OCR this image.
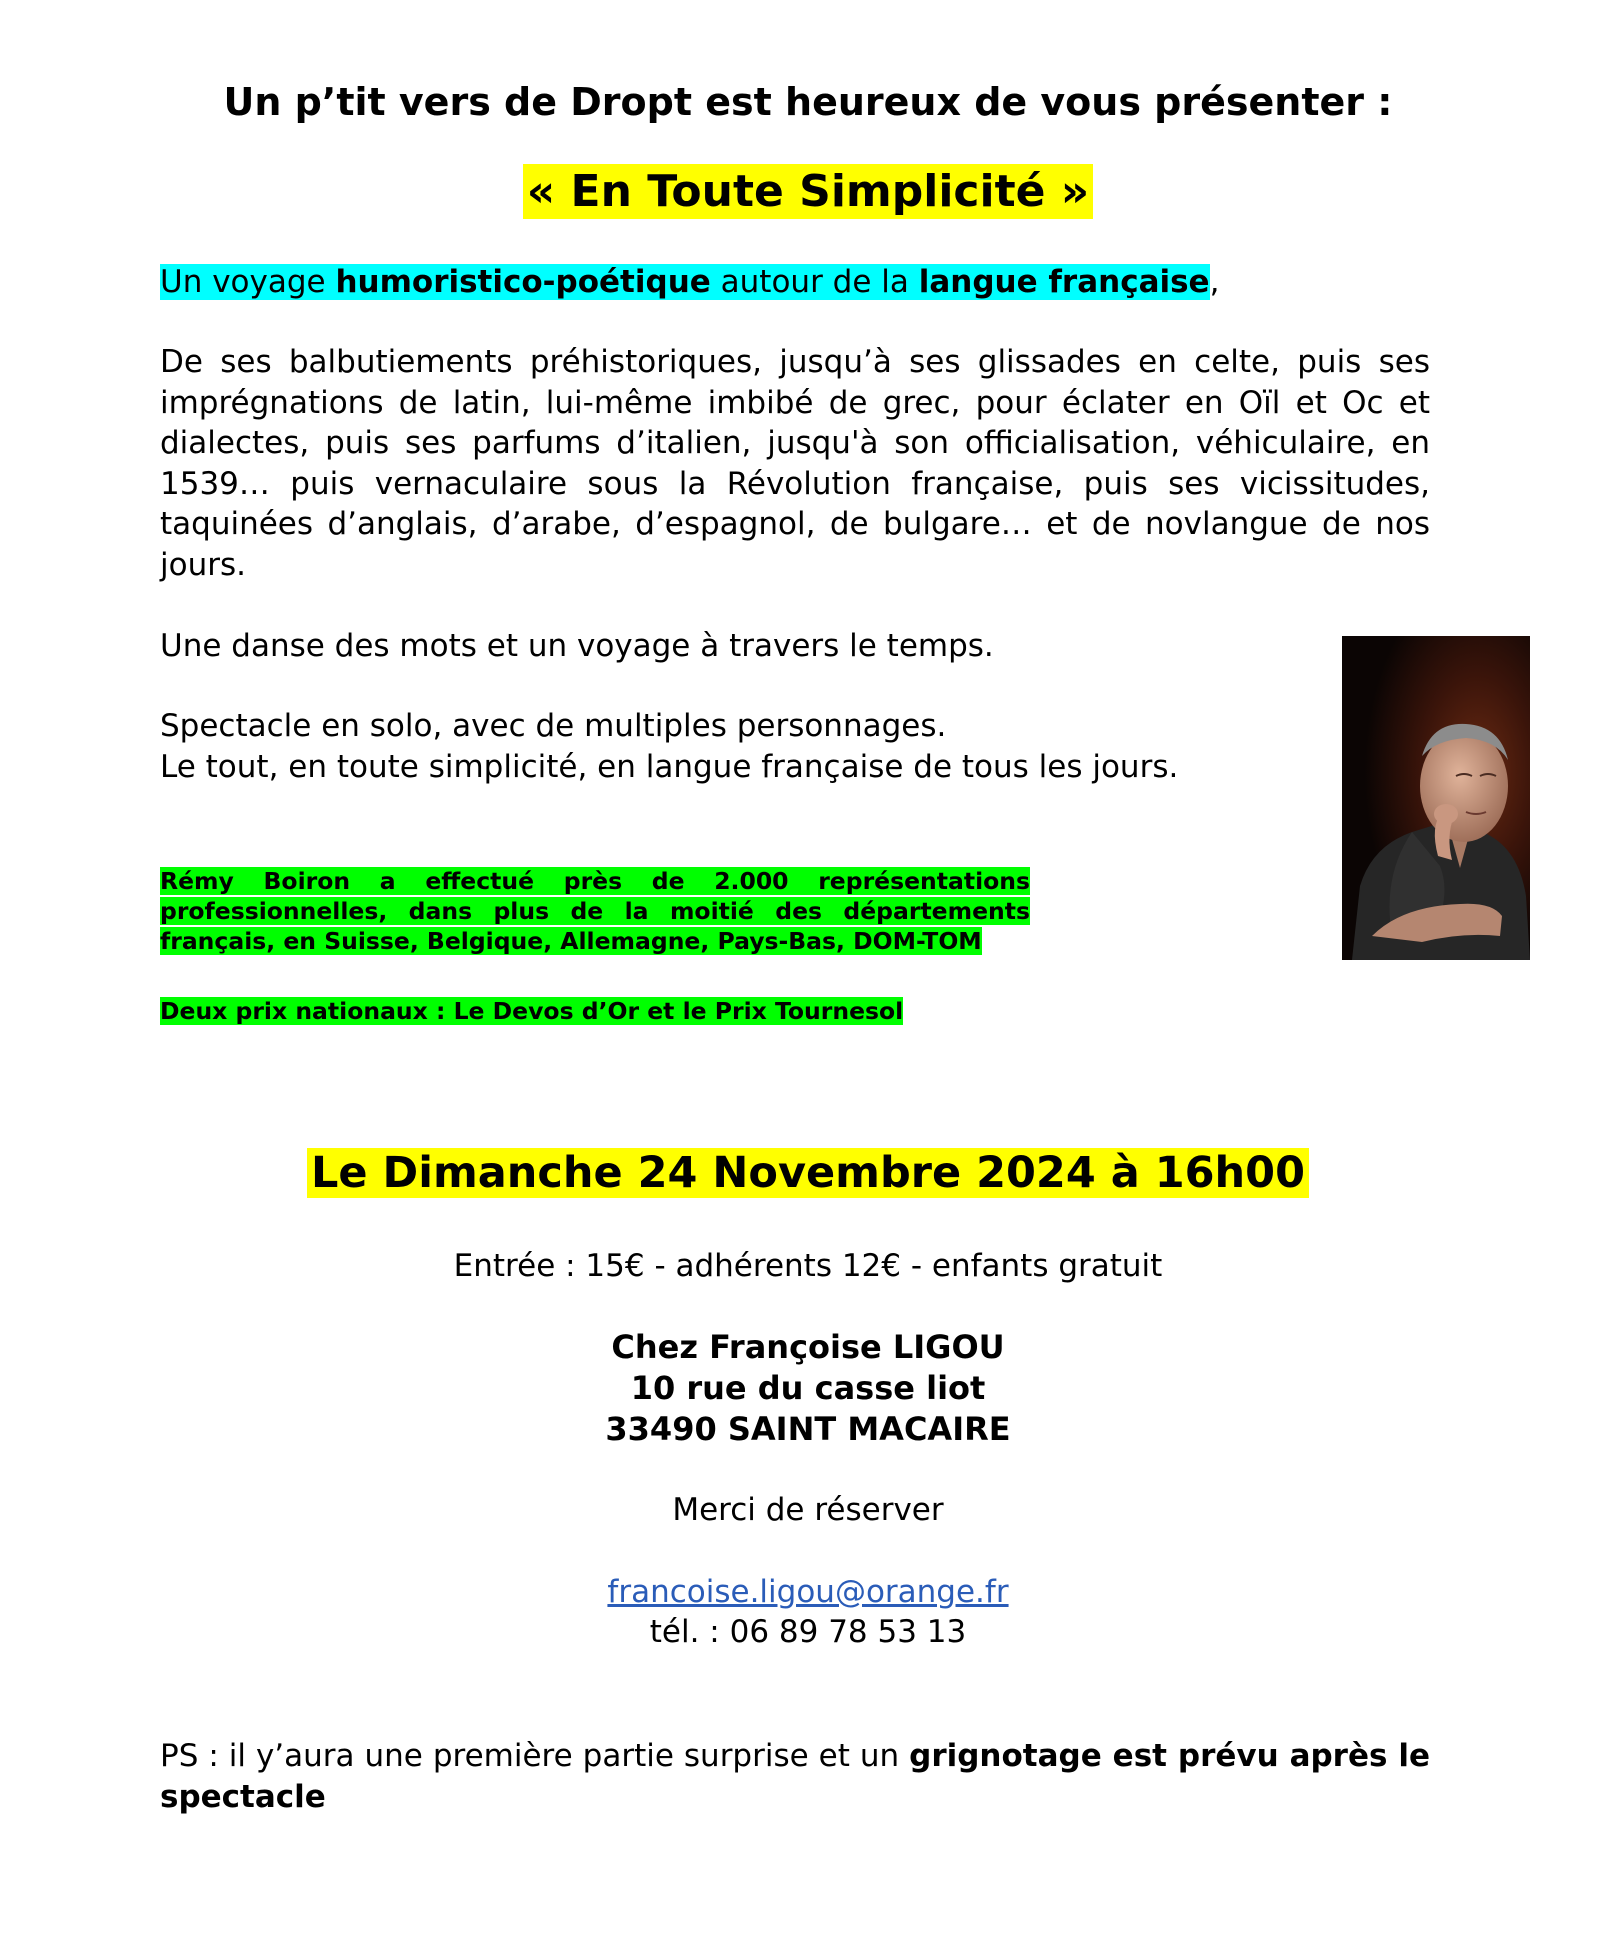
Un p’tit vers de Dropt est heureux de vous présenter :
« En Toute Simplicité »
Un voyage humoristico-poétique autour de la langue française,
De ses balbutiements préhistoriques, jusqu’à ses glissades en celte, puis ses imprégnations de latin, lui-même imbibé de grec, pour éclater en Oïl et Oc et dialectes, puis ses parfums d’italien, jusqu'à son officialisation, véhiculaire, en 1539… puis vernaculaire sous la Révolution française, puis ses vicissitudes, taquinées d’anglais, d’arabe, d’espagnol, de bulgare… et de novlangue de nos jours.
Une danse des mots et un voyage à travers le temps.
Spectacle en solo, avec de multiples personnages.
Le tout, en toute simplicité, en langue française de tous les jours.
Rémy Boiron a effectué près de 2.000 représentations professionnelles, dans plus de la moitié des départements français, en Suisse, Belgique, Allemagne, Pays-Bas, DOM-TOM
Deux prix nationaux : Le Devos d’Or et le Prix Tournesol
Le Dimanche 24 Novembre 2024 à 16h00
Entrée : 15€ - adhérents 12€ - enfants gratuit
Chez Françoise LIGOU
10 rue du casse liot
33490 SAINT MACAIRE
Merci de réserver
francoise.ligou@orange.fr
tél. : 06 89 78 53 13
PS : il y’aura une première partie surprise et un grignotage est prévu après le spectacle
